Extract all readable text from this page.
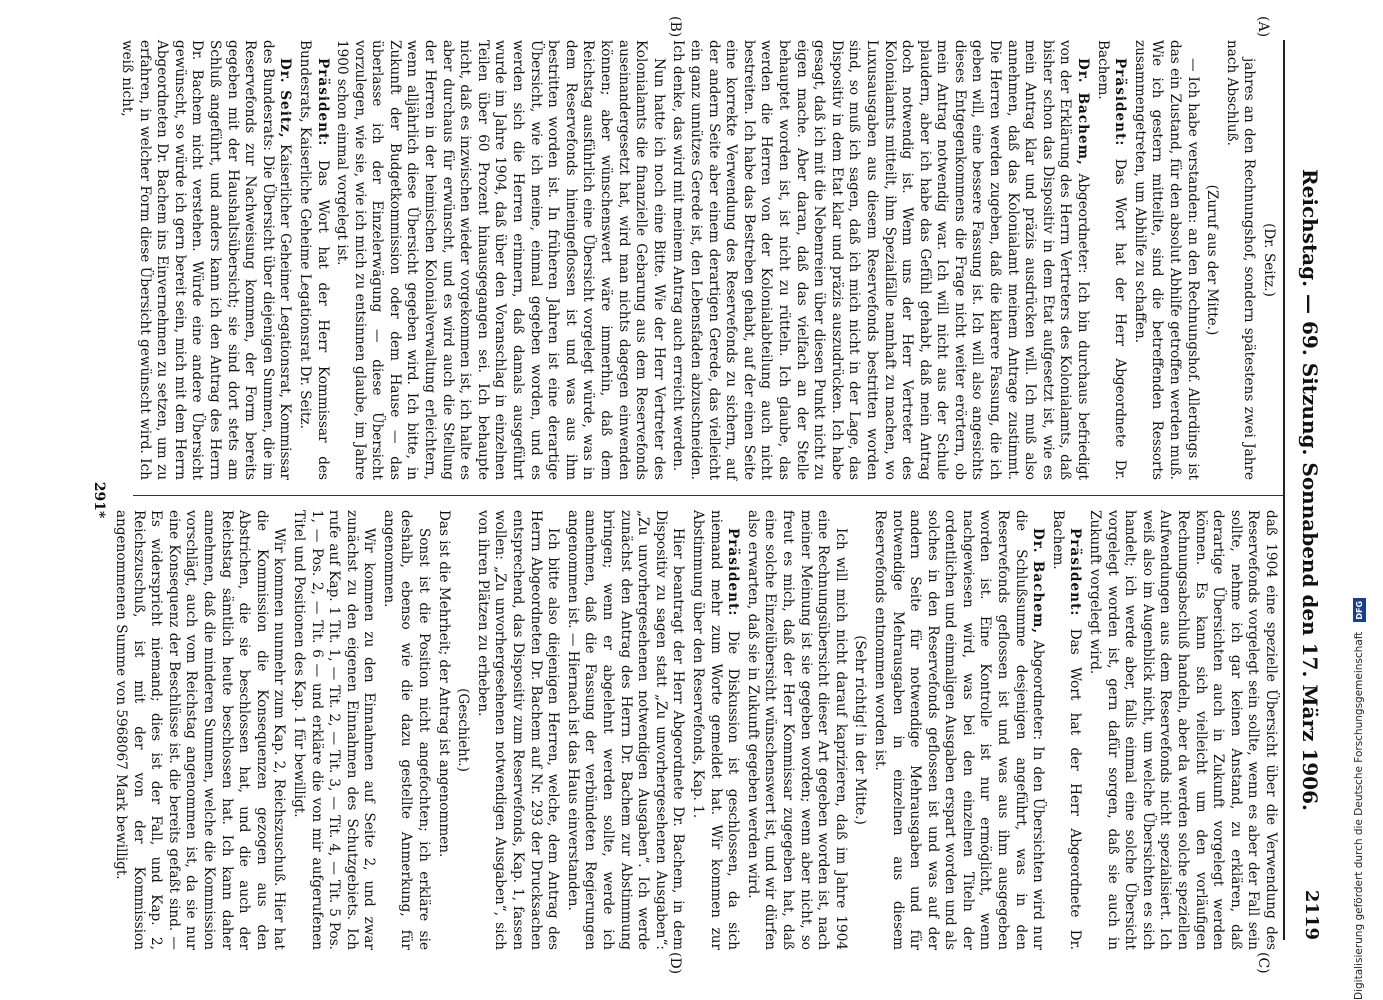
Reichstag. — 69. Sitzung. Sonnabend den 17. März 1906.
2119
(A)
(B)
(C)
(D)

(Dr. Seitz.)

jahres an den Rechnungshof, sondern spätestens zwei Jahre nach Abschluß.

(Zuruf aus der Mitte.)

— Ich habe verstanden: an den Rechnungshof. Allerdings ist das ein Zustand, für den absolut Abhilfe getroffen werden muß. Wie ich gestern mitteilte, sind die betreffenden Ressorts zusammengetreten, um Abhilfe zu schaffen.

Präsident: Das Wort hat der Herr Abgeordnete Dr. Bachem.

Dr. Bachem, Abgeordneter: Ich bin durchaus befriedigt von der Erklärung des Herrn Vertreters des Kolonialamts, daß bisher schon das Dispositiv in dem Etat aufgesetzt ist, wie es mein Antrag klar und präzis ausdrücken will. Ich muß also annehmen, daß das Kolonialamt meinem Antrage zustimmt. Die Herren werden zugeben, daß die klarere Fassung, die ich geben will, eine bessere Fassung ist. Ich will also angesichts dieses Entgegenkommens die Frage nicht weiter erörtern, ob mein Antrag notwendig war. Ich will nicht aus der Schule plaudern, aber ich habe das Gefühl gehabt, daß mein Antrag doch notwendig ist. Wenn uns der Herr Vertreter des Kolonialamts mitteilt, ihm Spezialfälle namhaft zu machen, wo Luxusausgaben aus diesem Reservefonds bestritten worden sind, so muß ich sagen, daß ich mich nicht in der Lage, das Dispositiv in dem Etat klar und präzis auszudrücken. Ich habe gesagt, daß ich mit die Nebenreien über diesen Punkt nicht zu eigen mache. Aber daran, daß das vielfach an der Stelle behauptet worden ist, ist nicht zu rütteln. Ich glaube, das werden die Herren von der Kolonialabteilung auch nicht bestreiten. Ich habe das Bestreben gehabt, auf der einen Seite eine korrekte Verwendung des Reservefonds zu sichern, auf der andern Seite aber einem derartigen Gerede, das vielleicht ein ganz unnützes Gerede ist, den Lebensfaden abzuschneiden. Ich denke, das wird mit meinem Antrag auch erreicht werden.

Nun hatte ich noch eine Bitte. Wie der Herr Vertreter des Kolonialamts die finanzielle Gebarung aus dem Reservefonds auseinandergesetzt hat, wird man nichts dagegen einwenden können; aber wünschenswert wäre immerhin, daß dem Reichstag ausführlich eine Übersicht vorgelegt würde, was in dem Reservefonds hineingeflossen ist und was aus ihm bestritten worden ist. In früheren Jahren ist eine derartige Übersicht, wie ich meine, einmal gegeben worden, und es werden sich die Herren erinnern, daß damals ausgeführt wurde im Jahre 1904, daß über den Voranschlag in einzelnen Teilen über 60 Prozent hinausgegangen sei. Ich behaupte nicht, daß es inzwischen wieder vorgekommen ist, ich halte es aber durchaus für erwünscht, und es wird auch die Stellung der Herren in der heimischen Kolonialverwaltung erleichtern, wenn alljährlich diese Übersicht gegeben wird. Ich bitte, in Zukunft der Budgetkommission oder dem Hause — das überlasse ich der Einzelerwägung — diese Übersicht vorzulegen, wie sie, wie ich mich zu entsinnen glaube, im Jahre 1900 schon einmal vorgelegt ist.

Präsident: Das Wort hat der Herr Kommissar des Bundesrats, Kaiserliche Geheime Legationsrat Dr. Seitz.

Dr. Seitz, Kaiserlicher Geheimer Legationsrat, Kommissar des Bundesrats: Die Übersicht über diejenigen Summen, die im Reservefonds zur Nachweisung kommen, der Form bereits gegeben mit der Haushaltsübersicht; sie sind dort stets am Schluß angeführt, und anders kann ich den Antrag des Herrn Dr. Bachem nicht verstehen. Würde eine andere Übersicht gewünscht, so würde ich gern bereit sein, mich mit dem Herrn Abgeordneten Dr. Bachem ins Einvernehmen zu setzen, um zu erfahren, in welcher Form diese Übersicht gewünscht wird. Ich weiß nicht,

daß 1904 eine spezielle Übersicht über die Verwendung des Reservefonds vorgelegt sein sollte, wenn es aber der Fall sein sollte, nehme ich gar keinen Anstand, zu erklären, daß derartige Übersichten auch in Zukunft vorgelegt werden können. Es kann sich vielleicht um den vorläufigen Rechnungsabschluß handeln, aber da werden solche speziellen Aufwendungen aus dem Reservefonds nicht spezialisiert. Ich weiß also im Augenblick nicht, um welche Übersichten es sich handelt; ich werde aber, falls einmal eine solche Übersicht vorgelegt worden ist, gern dafür sorgen, daß sie auch in Zukunft vorgelegt wird.

Präsident: Das Wort hat der Herr Abgeordnete Dr. Bachem.

Dr. Bachem, Abgeordneter: In den Übersichten wird nur die Schlußsumme desjenigen angeführt, was in den Reservefonds geflossen ist und was aus ihm ausgegeben worden ist. Eine Kontrolle ist nur ermöglicht, wenn nachgewiesen wird, was bei den einzelnen Titeln der ordentlichen und einmaligen Ausgaben erspart worden und als solches in den Reservefonds geflossen ist und was auf der andern Seite für notwendige Mehrausgaben und für notwendige Mehrausgaben in einzelnen aus diesem Reservefonds entnommen worden ist.

(Sehr richtig! in der Mitte.)

Ich will mich nicht darauf kaprizieren, daß im Jahre 1904 eine Rechnungsübersicht dieser Art gegeben worden ist, nach meiner Meinung ist sie gegeben worden; wenn aber nicht, so freut es mich, daß der Herr Kommissar zugegeben hat, daß eine solche Einzelübersicht wünschenswert ist, und wir dürfen also erwarten, daß sie in Zukunft gegeben werden wird.

Präsident: Die Diskussion ist geschlossen, da sich niemand mehr zum Worte gemeldet hat. Wir kommen zur Abstimmung über den Reservefonds, Kap. 1.

Hier beantragt der Herr Abgeordnete Dr. Bachem, in dem Dispositiv zu sagen statt „Zu unvorhergesehenen Ausgaben“: „Zu unvorhergesehenen notwendigen Ausgaben“. Ich werde zunächst den Antrag des Herrn Dr. Bachem zur Abstimmung bringen; wenn er abgelehnt werden sollte, werde ich annehmen, daß die Fassung der verbündeten Regierungen angenommen ist. — Hiernach ist das Haus einverstanden.

Ich bitte also diejenigen Herren, welche, dem Antrag des Herrn Abgeordneten Dr. Bachem auf Nr. 293 der Drucksachen entsprechend, das Dispositiv zum Reservefonds, Kap. 1, fassen wollen: „Zu unvorhergesehenen notwendigen Ausgaben“, sich von ihren Plätzen zu erheben.

(Geschieht.)

Das ist die Mehrheit; der Antrag ist angenommen.

Sonst ist die Position nicht angefochten; ich erkläre sie deshalb, ebenso wie die dazu gestellte Anmerkung, für angenommen.

Wir kommen zu den Einnahmen auf Seite 2, und zwar zunächst zu den eigenen Einnahmen des Schutzgebiets. Ich rufe auf Kap. 1 Tit. 1, — Tit. 2, — Tit. 3, — Tit. 4, — Tit. 5 Pos. 1, — Pos. 2, — Tit. 6 — und erkläre die von mir aufgerufenen Titel und Positionen des Kap. 1 für bewilligt.

Wir kommen nunmehr zum Kap. 2, Reichszuschuß. Hier hat die Kommission die Konsequenzen gezogen aus den Abstrichen, die sie beschlossen hat, und die auch der Reichstag sämtlich heute beschlossen hat. Ich kann daher annehmen, daß die minderen Summen, welche die Kommission vorschlägt, auch vom Reichstag angenommen ist, da sie nur eine Konsequenz der Beschlüsse ist. die bereits gefaßt sind. — Es widerspricht niemand; dies ist der Fall, und Kap. 2, Reichszuschuß, ist mit der von der Kommission angenommenen Summe von 5968067 Mark bewilligt.

291*
Digitalisierung gefördert durch die Deutsche Forschungsgemeinschaft DFG
